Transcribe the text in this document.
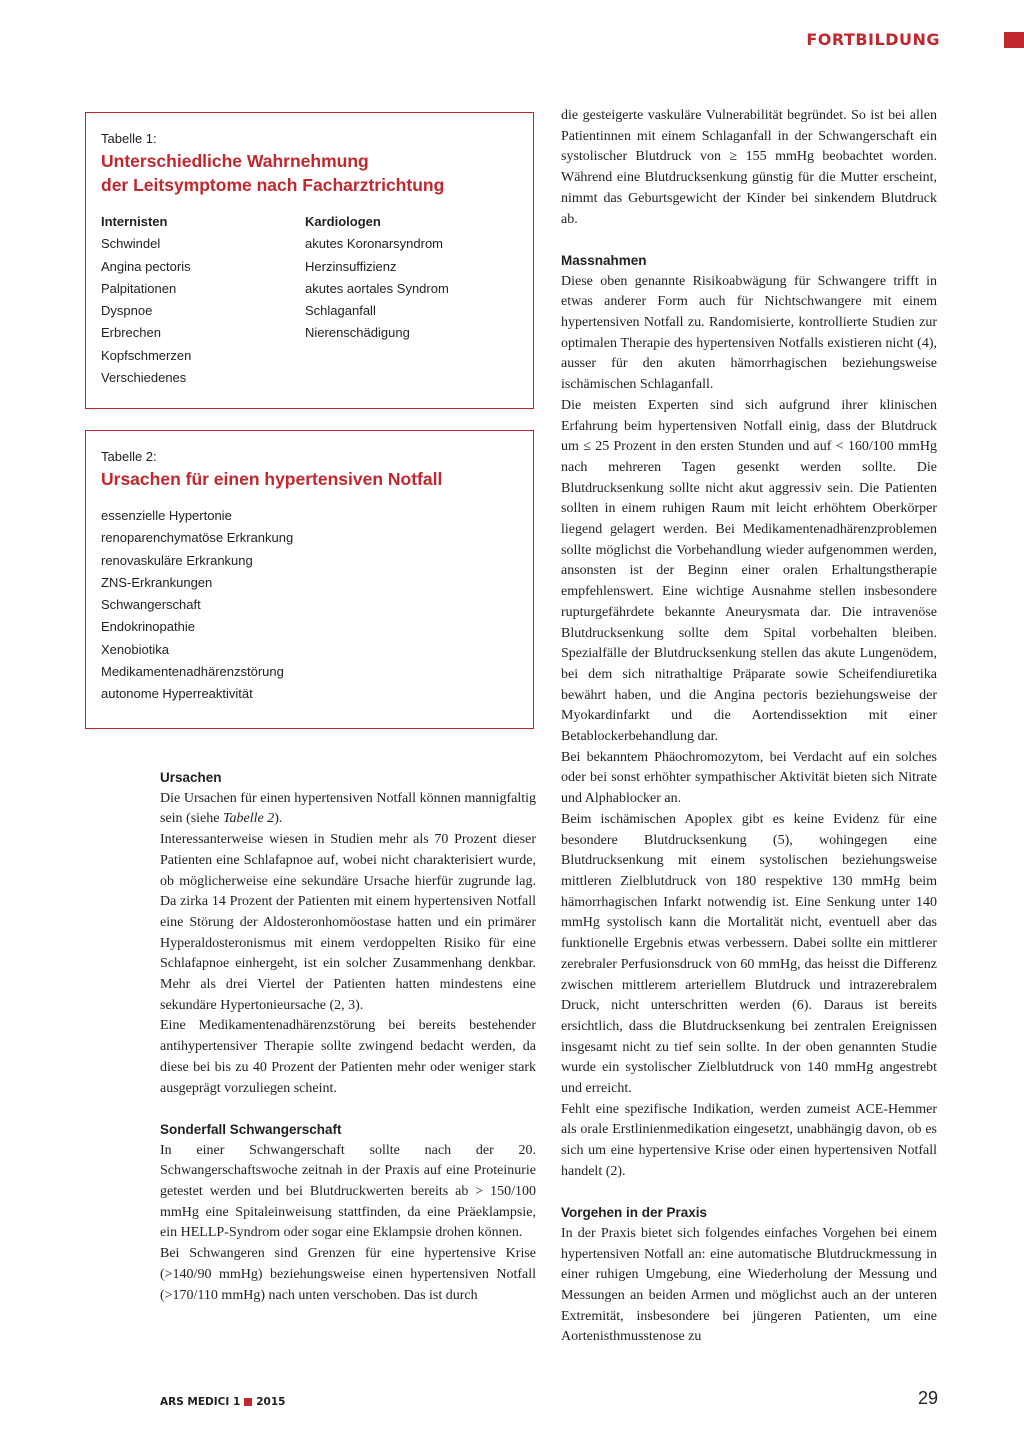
FORTBILDUNG
Tabelle 1:
Unterschiedliche Wahrnehmung
der Leitsymptome nach Facharztrichtung
Internisten
Schwindel
Angina pectoris
Palpitationen
Dyspnoe
Erbrechen
Kopfschmerzen
Verschiedenes
Kardiologen
akutes Koronarsyndrom
Herzinsuffizienz
akutes aortales Syndrom
Schlaganfall
Nierenschädigung
Tabelle 2:
Ursachen für einen hypertensiven Notfall
essenzielle Hypertonie
renoparenchymatöse Erkrankung
renovaskuläre Erkrankung
ZNS-Erkrankungen
Schwangerschaft
Endokrinopathie
Xenobiotika
Medikamentenadhärenzstörung
autonome Hyperreaktivität
Ursachen

Die Ursachen für einen hypertensiven Notfall können mannigfaltig sein (siehe Tabelle 2).

Interessanterweise wiesen in Studien mehr als 70 Prozent dieser Patienten eine Schlafapnoe auf, wobei nicht charakterisiert wurde, ob möglicherweise eine sekundäre Ursache hierfür zugrunde lag. Da zirka 14 Prozent der Patienten mit einem hypertensiven Notfall eine Störung der Aldosteronhomöostase hatten und ein primärer Hyperaldosteronismus mit einem verdoppelten Risiko für eine Schlafapnoe einhergeht, ist ein solcher Zusammenhang denkbar. Mehr als drei Viertel der Patienten hatten mindestens eine sekundäre Hypertonieursache (2, 3).

Eine Medikamentenadhärenzstörung bei bereits bestehender antihypertensiver Therapie sollte zwingend bedacht werden, da diese bei bis zu 40 Prozent der Patienten mehr oder weniger stark ausgeprägt vorzuliegen scheint.

Sonderfall Schwangerschaft

In einer Schwangerschaft sollte nach der 20. Schwangerschaftswoche zeitnah in der Praxis auf eine Proteinurie getestet werden und bei Blutdruckwerten bereits ab > 150/100 mmHg eine Spitaleinweisung stattfinden, da eine Präeklampsie, ein HELLP-Syndrom oder sogar eine Eklampsie drohen können.

Bei Schwangeren sind Grenzen für eine hypertensive Krise (>140/90 mmHg) beziehungsweise einen hypertensiven Notfall (>170/110 mmHg) nach unten verschoben. Das ist durch

die gesteigerte vaskuläre Vulnerabilität begründet. So ist bei allen Patientinnen mit einem Schlaganfall in der Schwangerschaft ein systolischer Blutdruck von ≥ 155 mmHg beobachtet worden. Während eine Blutdrucksenkung günstig für die Mutter erscheint, nimmt das Geburtsgewicht der Kinder bei sinkendem Blutdruck ab.

Massnahmen

Diese oben genannte Risikoabwägung für Schwangere trifft in etwas anderer Form auch für Nichtschwangere mit einem hypertensiven Notfall zu. Randomisierte, kontrollierte Studien zur optimalen Therapie des hypertensiven Notfalls existieren nicht (4), ausser für den akuten hämorrhagischen beziehungsweise ischämischen Schlaganfall.

Die meisten Experten sind sich aufgrund ihrer klinischen Erfahrung beim hypertensiven Notfall einig, dass der Blutdruck um ≤ 25 Prozent in den ersten Stunden und auf < 160/100 mmHg nach mehreren Tagen gesenkt werden sollte. Die Blutdrucksenkung sollte nicht akut aggressiv sein. Die Patienten sollten in einem ruhigen Raum mit leicht erhöhtem Oberkörper liegend gelagert werden. Bei Medikamentenadhärenzproblemen sollte möglichst die Vorbehandlung wieder aufgenommen werden, ansonsten ist der Beginn einer oralen Erhaltungstherapie empfehlenswert. Eine wichtige Ausnahme stellen insbesondere rupturgefährdete bekannte Aneurysmata dar. Die intravenöse Blutdrucksenkung sollte dem Spital vorbehalten bleiben. Spezialfälle der Blutdrucksenkung stellen das akute Lungenödem, bei dem sich nitrathaltige Präparate sowie Scheifendiuretika bewährt haben, und die Angina pectoris beziehungsweise der Myokardinfarkt und die Aortendissektion mit einer Betablockerbehandlung dar.

Bei bekanntem Phäochromozytom, bei Verdacht auf ein solches oder bei sonst erhöhter sympathischer Aktivität bieten sich Nitrate und Alphablocker an.

Beim ischämischen Apoplex gibt es keine Evidenz für eine besondere Blutdrucksenkung (5), wohingegen eine Blutdrucksenkung mit einem systolischen beziehungsweise mittleren Zielblutdruck von 180 respektive 130 mmHg beim hämorrhagischen Infarkt notwendig ist. Eine Senkung unter 140 mmHg systolisch kann die Mortalität nicht, eventuell aber das funktionelle Ergebnis etwas verbessern. Dabei sollte ein mittlerer zerebraler Perfusionsdruck von 60 mmHg, das heisst die Differenz zwischen mittlerem arteriellem Blutdruck und intrazerebralem Druck, nicht unterschritten werden (6). Daraus ist bereits ersichtlich, dass die Blutdrucksenkung bei zentralen Ereignissen insgesamt nicht zu tief sein sollte. In der oben genannten Studie wurde ein systolischer Zielblutdruck von 140 mmHg angestrebt und erreicht.

Fehlt eine spezifische Indikation, werden zumeist ACE-Hemmer als orale Erstlinienmedikation eingesetzt, unabhängig davon, ob es sich um eine hypertensive Krise oder einen hypertensiven Notfall handelt (2).

Vorgehen in der Praxis

In der Praxis bietet sich folgendes einfaches Vorgehen bei einem hypertensiven Notfall an: eine automatische Blutdruckmessung in einer ruhigen Umgebung, eine Wiederholung der Messung und Messungen an beiden Armen und möglichst auch an der unteren Extremität, insbesondere bei jüngeren Patienten, um eine Aortenisthmusstenose zu

ARS MEDICI 1 2015	29
